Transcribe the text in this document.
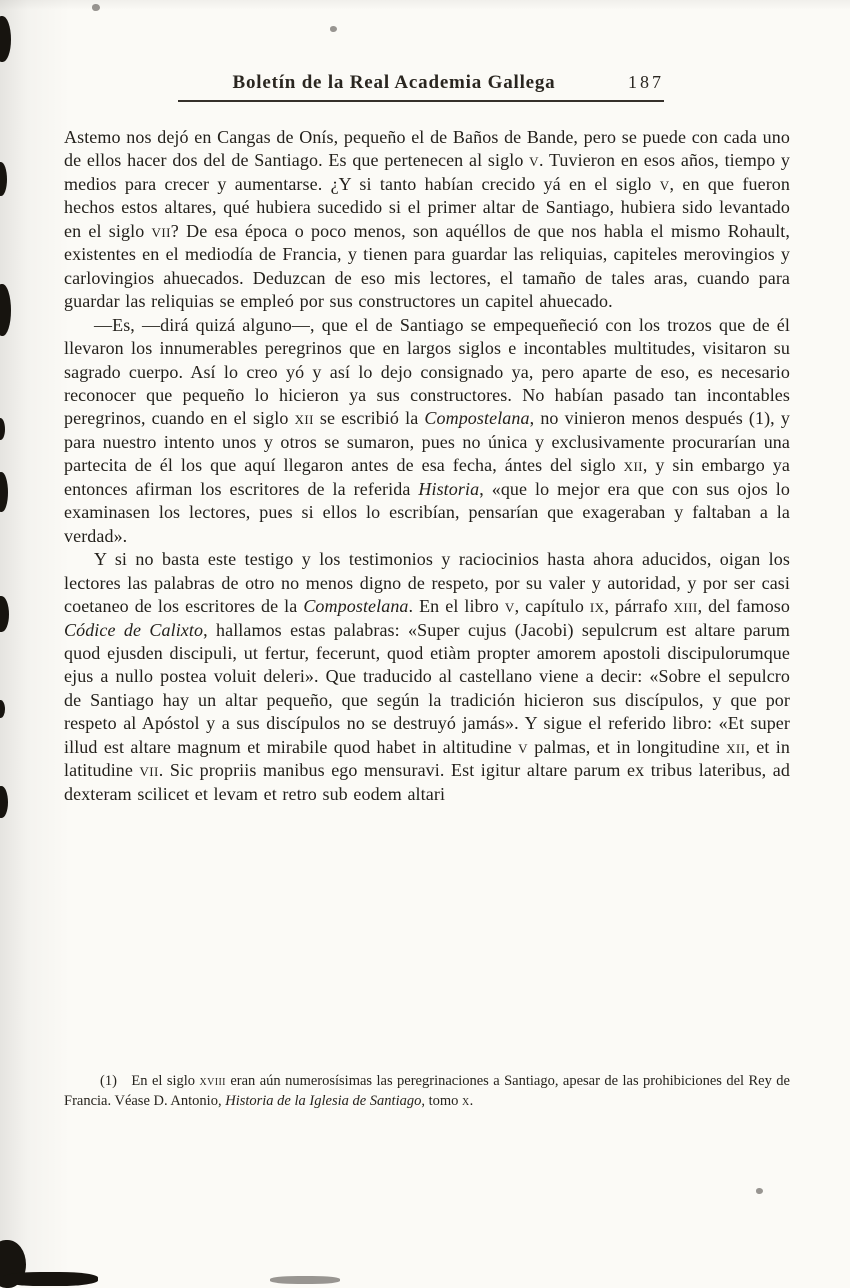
Boletín de la Real Academia Gallega	187

Astemo nos dejó en Cangas de Onís, pequeño el de Baños de Bande, pero se puede con cada uno de ellos hacer dos del de Santiago. Es que pertenecen al siglo v. Tuvieron en esos años, tiempo y medios para crecer y aumentarse. ¿Y si tanto habían crecido yá en el siglo v, en que fueron hechos estos altares, qué hubiera sucedido si el primer altar de Santiago, hubiera sido levantado en el siglo vii? De esa época o poco menos, son aquéllos de que nos habla el mismo Rohault, existentes en el mediodía de Francia, y tienen para guardar las reliquias, capiteles merovingios y carlovingios ahuecados. Deduzcan de eso mis lectores, el tamaño de tales aras, cuando para guardar las reliquias se empleó por sus constructores un capitel ahuecado.

—Es, —dirá quizá alguno—, que el de Santiago se empequeñeció con los trozos que de él llevaron los innumerables peregrinos que en largos siglos e incontables multitudes, visitaron su sagrado cuerpo. Así lo creo yó y así lo dejo consignado ya, pero aparte de eso, es necesario reconocer que pequeño lo hicieron ya sus constructores. No habían pasado tan incontables peregrinos, cuando en el siglo xii se escribió la Compostelana, no vinieron menos después (1), y para nuestro intento unos y otros se sumaron, pues no única y exclusivamente procurarían una partecita de él los que aquí llegaron antes de esa fecha, ántes del siglo xii, y sin embargo ya entonces afirman los escritores de la referida Historia, «que lo mejor era que con sus ojos lo examinasen los lectores, pues si ellos lo escribían, pensarían que exageraban y faltaban a la verdad».

Y si no basta este testigo y los testimonios y raciocinios hasta ahora aducidos, oigan los lectores las palabras de otro no menos digno de respeto, por su valer y autoridad, y por ser casi coetaneo de los escritores de la Compostelana. En el libro v, capítulo ix, párrafo xiii, del famoso Códice de Calixto, hallamos estas palabras: «Super cujus (Jacobi) sepulcrum est altare parum quod ejusden discipuli, ut fertur, fecerunt, quod etiàm propter amorem apostoli discipulorumque ejus a nullo postea voluit deleri». Que traducido al castellano viene a decir: «Sobre el sepulcro de Santiago hay un altar pequeño, que según la tradición hicieron sus discípulos, y que por respeto al Apóstol y a sus discípulos no se destruyó jamás». Y sigue el referido libro: «Et super illud est altare magnum et mirabile quod habet in altitudine v palmas, et in longitudine xii, et in latitudine vii. Sic propriis manibus ego mensuravi. Est igitur altare parum ex tribus lateribus, ad dexteram scilicet et levam et retro sub eodem altari

(1)  En el siglo xviii eran aún numerosísimas las peregrinaciones a Santiago, apesar de las prohibiciones del Rey de Francia. Véase D. Antonio, Historia de la Iglesia de Santiago, tomo x.
